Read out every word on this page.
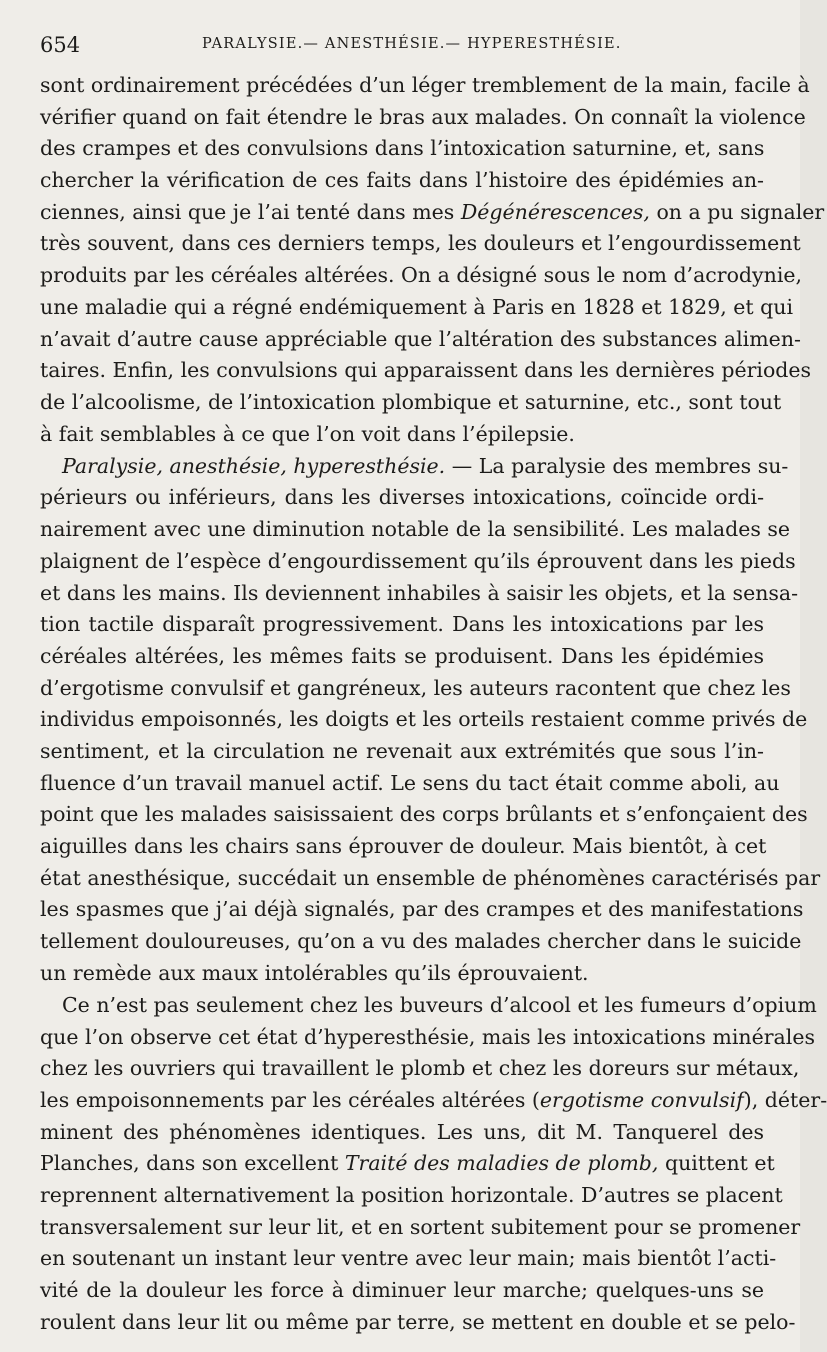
654	PARALYSIE.— ANESTHÉSIE.— HYPERESTHÉSIE.
sont ordinairement précédées d’un léger tremblement de la main, facile à
vérifier quand on fait étendre le bras aux malades. On connaît la violence
des crampes et des convulsions dans l’intoxication saturnine, et, sans
chercher la vérification de ces faits dans l’histoire des épidémies an-
ciennes, ainsi que je l’ai tenté dans mes Dégénérescences, on a pu signaler
très souvent, dans ces derniers temps, les douleurs et l’engourdissement
produits par les céréales altérées. On a désigné sous le nom d’acrodynie,
une maladie qui a régné endémiquement à Paris en 1828 et 1829, et qui
n’avait d’autre cause appréciable que l’altération des substances alimen-
taires. Enfin, les convulsions qui apparaissent dans les dernières périodes
de l’alcoolisme, de l’intoxication plombique et saturnine, etc., sont tout
à fait semblables à ce que l’on voit dans l’épilepsie.
Paralysie, anesthésie, hyperesthésie. — La paralysie des membres su-
périeurs ou inférieurs, dans les diverses intoxications, coïncide ordi-
nairement avec une diminution notable de la sensibilité. Les malades se
plaignent de l’espèce d’engourdissement qu’ils éprouvent dans les pieds
et dans les mains. Ils deviennent inhabiles à saisir les objets, et la sensa-
tion tactile disparaît progressivement. Dans les intoxications par les
céréales altérées, les mêmes faits se produisent. Dans les épidémies
d’ergotisme convulsif et gangréneux, les auteurs racontent que chez les
individus empoisonnés, les doigts et les orteils restaient comme privés de
sentiment, et la circulation ne revenait aux extrémités que sous l’in-
fluence d’un travail manuel actif. Le sens du tact était comme aboli, au
point que les malades saisissaient des corps brûlants et s’enfonçaient des
aiguilles dans les chairs sans éprouver de douleur. Mais bientôt, à cet
état anesthésique, succédait un ensemble de phénomènes caractérisés par
les spasmes que j’ai déjà signalés, par des crampes et des manifestations
tellement douloureuses, qu’on a vu des malades chercher dans le suicide
un remède aux maux intolérables qu’ils éprouvaient.
Ce n’est pas seulement chez les buveurs d’alcool et les fumeurs d’opium
que l’on observe cet état d’hyperesthésie, mais les intoxications minérales
chez les ouvriers qui travaillent le plomb et chez les doreurs sur métaux,
les empoisonnements par les céréales altérées (ergotisme convulsif), déter-
minent des phénomènes identiques. Les uns, dit M. Tanquerel des
Planches, dans son excellent Traité des maladies de plomb, quittent et
reprennent alternativement la position horizontale. D’autres se placent
transversalement sur leur lit, et en sortent subitement pour se promener
en soutenant un instant leur ventre avec leur main; mais bientôt l’acti-
vité de la douleur les force à diminuer leur marche; quelques-uns se
roulent dans leur lit ou même par terre, se mettent en double et se pelo-
